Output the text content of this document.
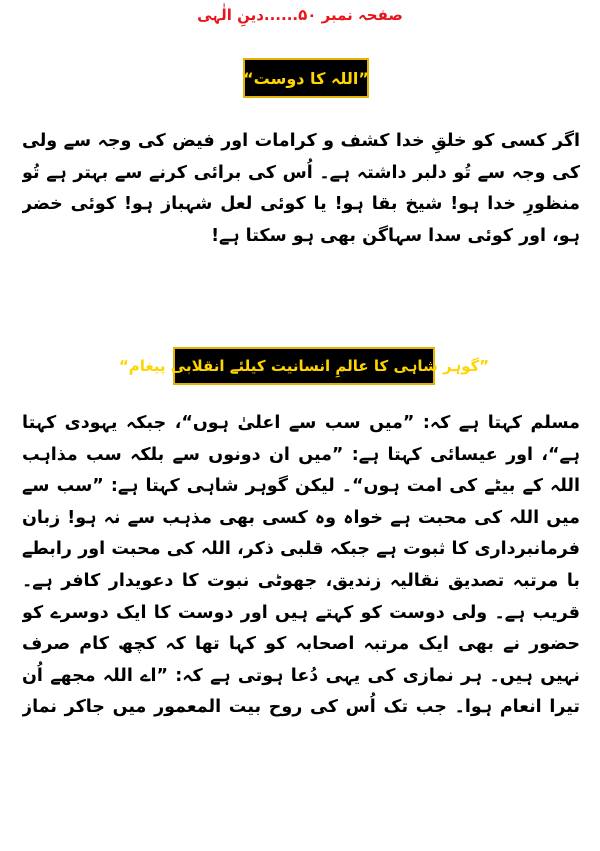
صفحہ نمبر ۵۰......دینِ الٰہی
”اللہ کا دوست“
اگر کسی کو خلقِ خدا کشف و کرامات اور فیض کی وجہ سے ولی
کی وجہ سے تُو دلبر داشتہ ہے۔ اُس کی برائی کرنے سے بہتر ہے تُو
منظورِ خدا ہو! شیخ بقا ہو! یا کوئی لعل شہباز ہو! کوئی خضر
ہو، اور کوئی سدا سہاگن بھی ہو سکتا ہے!
”گوہر شاہی کا عالمِ انسانیت کیلئے انقلابی پیغام“
مسلم کہتا ہے کہ: ”میں سب سے اعلیٰ ہوں“، جبکہ یہودی کہتا
ہے“، اور عیسائی کہتا ہے: ”میں ان دونوں سے بلکہ سب مذاہب
اللہ کے بیٹے کی امت ہوں“۔ لیکن گوہر شاہی کہتا ہے: ”سب سے
میں اللہ کی محبت ہے خواہ وہ کسی بھی مذہب سے نہ ہو! زبان
فرمانبرداری کا ثبوت ہے جبکہ قلبی ذکر، اللہ کی محبت اور رابطے
با مرتبہ تصدیق نقالیہ زندیق، جھوٹی نبوت کا دعویدار کافر ہے۔
قریب ہے۔ ولی دوست کو کہتے ہیں اور دوست کا ایک دوسرے کو
حضور نے بھی ایک مرتبہ اصحابہ کو کہا تھا کہ کچھ کام صرف
نہیں ہیں۔ ہر نمازی کی یہی دُعا ہوتی ہے کہ: ”اے اللہ مجھے اُن
تیرا انعام ہوا۔ جب تک اُس کی روح بیت المعمور میں جاکر نماز
